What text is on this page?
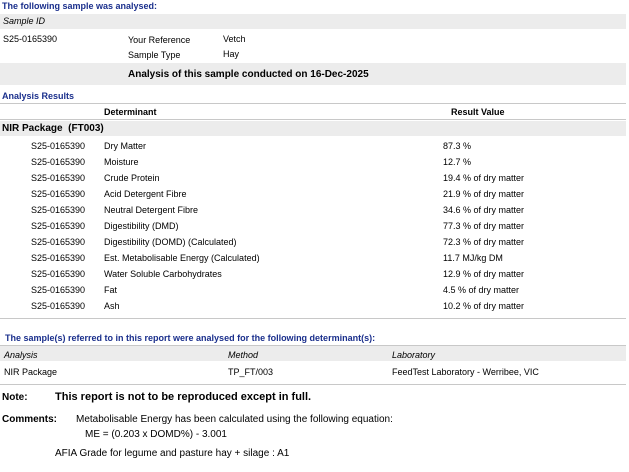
The following sample was analysed:
Sample ID
S25-0165390	Your Reference	Vetch
Sample Type	Hay
Analysis of this sample conducted on 16-Dec-2025
Analysis Results
Determinant	Result Value
NIR Package  (FT003)
S25-0165390 Dry Matter	87.3 %
S25-0165390 Moisture	12.7 %
S25-0165390 Crude Protein	19.4 % of dry matter
S25-0165390 Acid Detergent Fibre	21.9 % of dry matter
S25-0165390 Neutral Detergent Fibre	34.6 % of dry matter
S25-0165390 Digestibility (DMD)	77.3 % of dry matter
S25-0165390 Digestibility (DOMD) (Calculated)	72.3 % of dry matter
S25-0165390 Est. Metabolisable Energy (Calculated)	11.7 MJ/kg DM
S25-0165390 Water Soluble Carbohydrates	12.9 % of dry matter
S25-0165390 Fat	4.5 % of dry matter
S25-0165390 Ash	10.2 % of dry matter
The sample(s) referred to in this report were analysed for the following determinant(s):
Analysis	Method	Laboratory
NIR Package	TP_FT/003	FeedTest Laboratory - Werribee, VIC
Note: This report is not to be reproduced except in full.
Comments: Metabolisable Energy has been calculated using the following equation:
ME = (0.203 x DOMD%) - 3.001
AFIA Grade for legume and pasture hay + silage : A1
